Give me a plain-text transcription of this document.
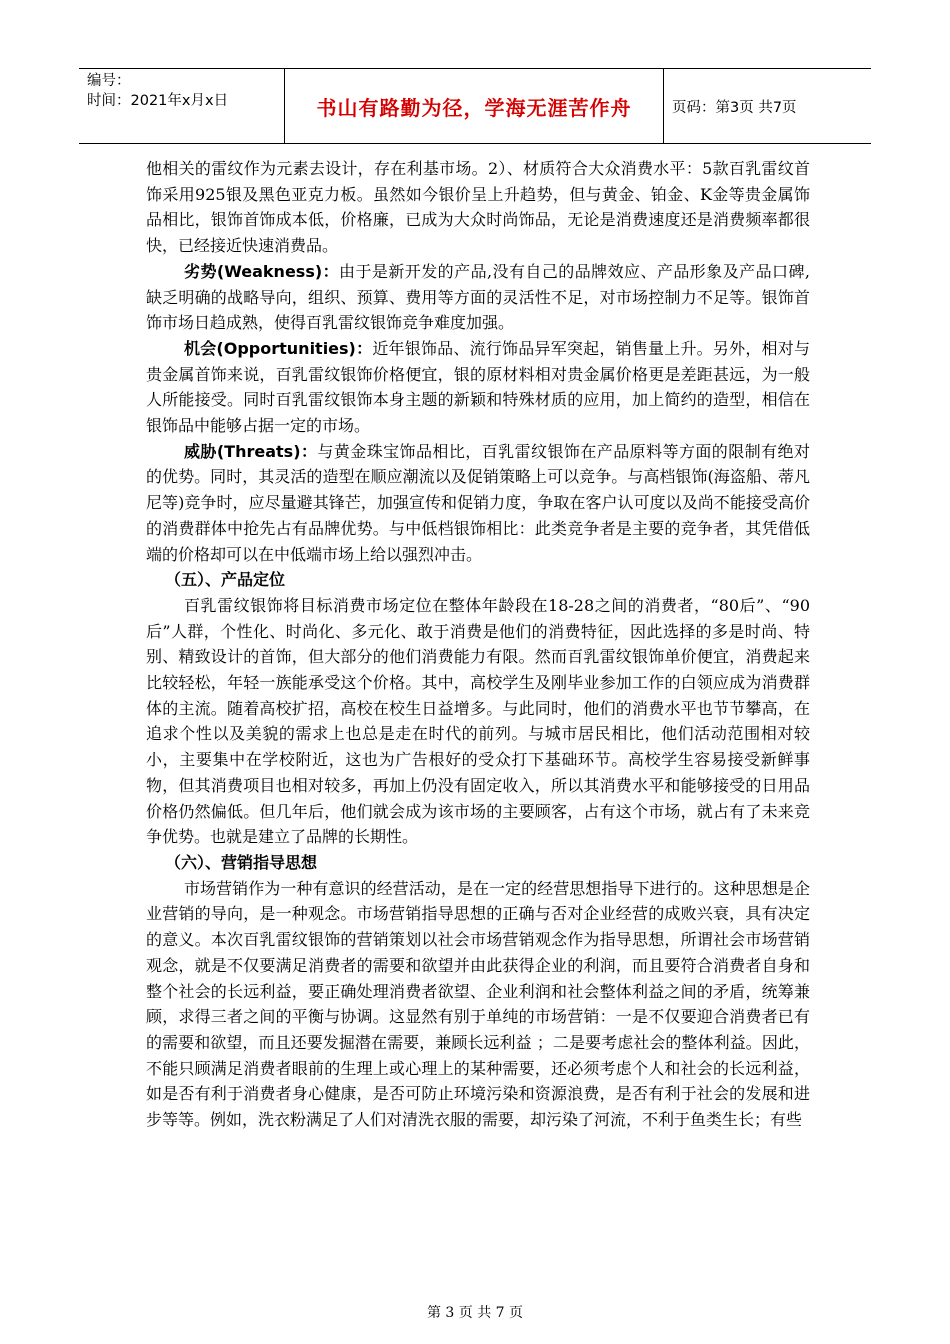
编号：
时间：2021年x月x日	书山有路勤为径，学海无涯苦作舟	页码：第3页 共7页

他相关的雷纹作为元素去设计，存在利基市场。2）、材质符合大众消费水平：5款百乳雷纹首饰采用925银及黑色亚克力板。虽然如今银价呈上升趋势，但与黄金、铂金、K金等贵金属饰品相比，银饰首饰成本低，价格廉，已成为大众时尚饰品，无论是消费速度还是消费频率都很快，已经接近快速消费品。

劣势(Weakness)：由于是新开发的产品,没有自己的品牌效应、产品形象及产品口碑,缺乏明确的战略导向，组织、预算、费用等方面的灵活性不足，对市场控制力不足等。银饰首饰市场日趋成熟，使得百乳雷纹银饰竞争难度加强。

机会(Opportunities)：近年银饰品、流行饰品异军突起，销售量上升。另外，相对与贵金属首饰来说，百乳雷纹银饰价格便宜，银的原材料相对贵金属价格更是差距甚远，为一般人所能接受。同时百乳雷纹银饰本身主题的新颖和特殊材质的应用，加上简约的造型，相信在银饰品中能够占据一定的市场。

威胁(Threats)：与黄金珠宝饰品相比，百乳雷纹银饰在产品原料等方面的限制有绝对的优势。同时，其灵活的造型在顺应潮流以及促销策略上可以竞争。与高档银饰(海盗船、蒂凡尼等)竞争时，应尽量避其锋芒，加强宣传和促销力度，争取在客户认可度以及尚不能接受高价的消费群体中抢先占有品牌优势。与中低档银饰相比：此类竞争者是主要的竞争者，其凭借低端的价格却可以在中低端市场上给以强烈冲击。

（五）、产品定位

百乳雷纹银饰将目标消费市场定位在整体年龄段在18-28之间的消费者，“80后”、“90后”人群，个性化、时尚化、多元化、敢于消费是他们的消费特征，因此选择的多是时尚、特别、精致设计的首饰，但大部分的他们消费能力有限。然而百乳雷纹银饰单价便宜，消费起来比较轻松，年轻一族能承受这个价格。其中，高校学生及刚毕业参加工作的白领应成为消费群体的主流。随着高校扩招，高校在校生日益增多。与此同时，他们的消费水平也节节攀高，在追求个性以及美貌的需求上也总是走在时代的前列。与城市居民相比，他们活动范围相对较小，主要集中在学校附近，这也为广告根好的受众打下基础环节。高校学生容易接受新鲜事物，但其消费项目也相对较多，再加上仍没有固定收入，所以其消费水平和能够接受的日用品价格仍然偏低。但几年后，他们就会成为该市场的主要顾客，占有这个市场，就占有了未来竞争优势。也就是建立了品牌的长期性。

（六）、营销指导思想

市场营销作为一种有意识的经营活动，是在一定的经营思想指导下进行的。这种思想是企业营销的导向，是一种观念。市场营销指导思想的正确与否对企业经营的成败兴衰，具有决定的意义。本次百乳雷纹银饰的营销策划以社会市场营销观念作为指导思想，所谓社会市场营销观念，就是不仅要满足消费者的需要和欲望并由此获得企业的利润，而且要符合消费者自身和整个社会的长远利益，要正确处理消费者欲望、企业利润和社会整体利益之间的矛盾，统筹兼顾，求得三者之间的平衡与协调。这显然有别于单纯的市场营销：一是不仅要迎合消费者已有的需要和欲望，而且还要发掘潜在需要，兼顾长远利益 ；二是要考虑社会的整体利益。因此，不能只顾满足消费者眼前的生理上或心理上的某种需要，还必须考虑个人和社会的长远利益，如是否有利于消费者身心健康，是否可防止环境污染和资源浪费，是否有利于社会的发展和进步等等。例如，洗衣粉满足了人们对清洗衣服的需要，却污染了河流，不利于鱼类生长；有些

第 3 页 共 7 页
